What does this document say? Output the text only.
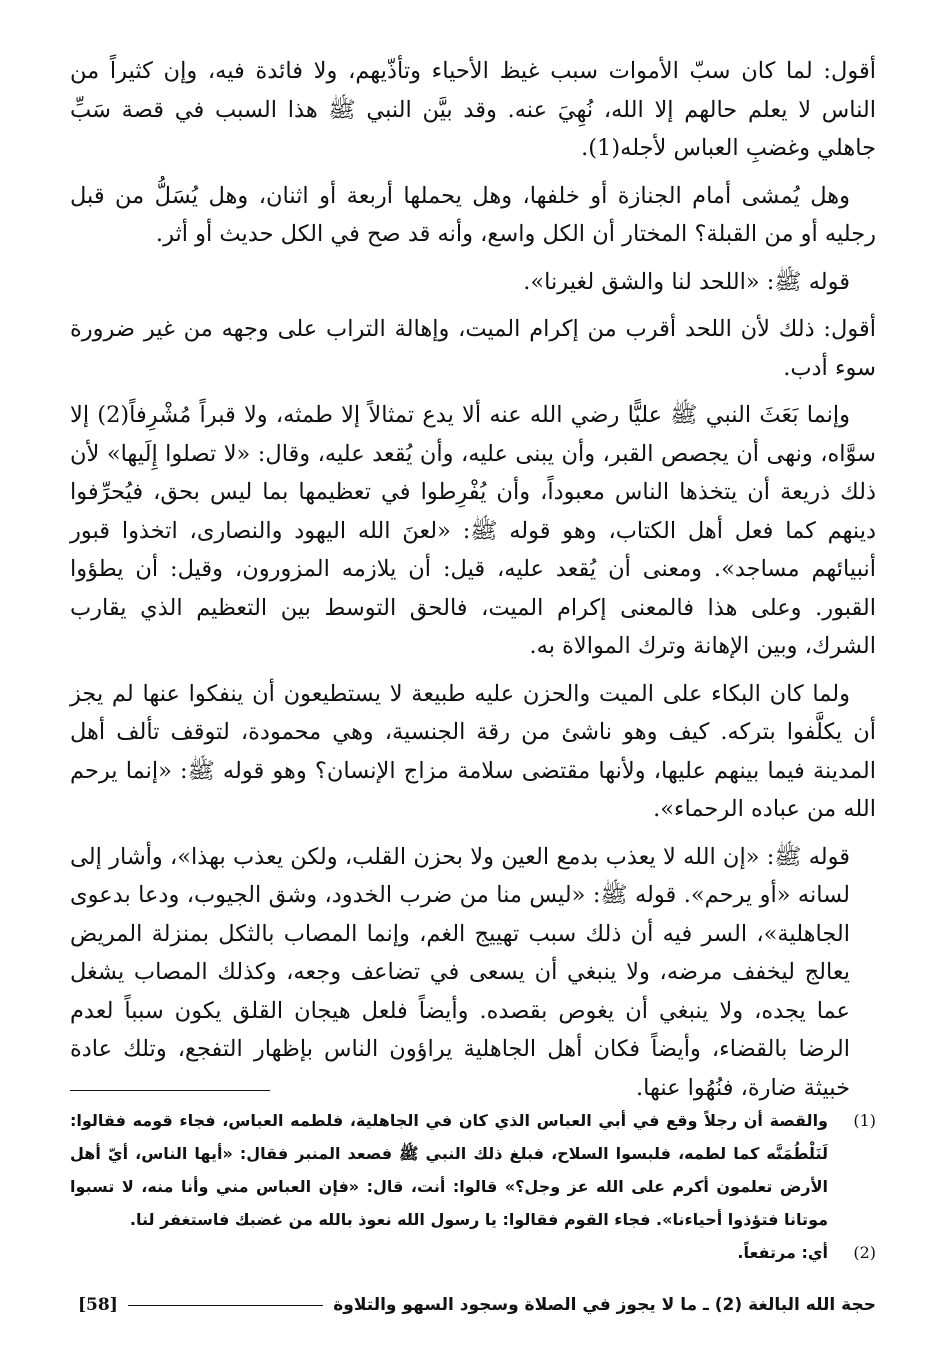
أقول: لما كان سبّ الأموات سبب غيظ الأحياء وتأذّيهم، ولا فائدة فيه، وإن كثيراً من الناس لا يعلم حالهم إلا الله، نُهِيَ عنه. وقد بيَّن النبي ﷺ هذا السبب في قصة سَبِّ جاهلي وغضبِ العباس لأجله(1).

وهل يُمشى أمام الجنازة أو خلفها، وهل يحملها أربعة أو اثنان، وهل يُسَلُّ من قبل رجليه أو من القبلة؟ المختار أن الكل واسع، وأنه قد صح في الكل حديث أو أثر.

قوله ﷺ: «اللحد لنا والشق لغيرنا».

أقول: ذلك لأن اللحد أقرب من إكرام الميت، وإهالة التراب على وجهه من غير ضرورة سوء أدب.

وإنما بَعَثَ النبي ﷺ عليًّا رضي الله عنه ألا يدع تمثالاً إلا طمثه، ولا قبراً مُشْرِفاً(2) إلا سوَّاه، ونهى أن يجصص القبر، وأن يبنى عليه، وأن يُقعد عليه، وقال: «لا تصلوا إِلَيها» لأن ذلك ذريعة أن يتخذها الناس معبوداً، وأن يُفْرِطوا في تعظيمها بما ليس بحق، فيُحرِّفوا دينهم كما فعل أهل الكتاب، وهو قوله ﷺ: «لعنَ الله اليهود والنصارى، اتخذوا قبور أنبيائهم مساجد». ومعنى أن يُقعد عليه، قيل: أن يلازمه المزورون، وقيل: أن يطؤوا القبور. وعلى هذا فالمعنى إكرام الميت، فالحق التوسط بين التعظيم الذي يقارب الشرك، وبين الإهانة وترك الموالاة به.

ولما كان البكاء على الميت والحزن عليه طبيعة لا يستطيعون أن ينفكوا عنها لم يجز أن يكلَّفوا بتركه. كيف وهو ناشئ من رقة الجنسية، وهي محمودة، لتوقف تألف أهل المدينة فيما بينهم عليها، ولأنها مقتضى سلامة مزاج الإنسان؟ وهو قوله ﷺ: «إنما يرحم الله من عباده الرحماء».

قوله ﷺ: «إن الله لا يعذب بدمع العين ولا بحزن القلب، ولكن يعذب بهذا»، وأشار إلى لسانه «أو يرحم». قوله ﷺ: «ليس منا من ضرب الخدود، وشق الجيوب، ودعا بدعوى الجاهلية»، السر فيه أن ذلك سبب تهييج الغم، وإنما المصاب بالثكل بمنزلة المريض يعالج ليخفف مرضه، ولا ينبغي أن يسعى في تضاعف وجعه، وكذلك المصاب يشغل عما يجده، ولا ينبغي أن يغوص بقصده. وأيضاً فلعل هيجان القلق يكون سبباً لعدم الرضا بالقضاء، وأيضاً فكان أهل الجاهلية يراؤون الناس بإظهار التفجع، وتلك عادة خبيثة ضارة، فنُهُوا عنها.

(1)
والقصة أن رجلاً وقع في أبي العباس الذي كان في الجاهلية، فلطمه العباس، فجاء قومه فقالوا: لَنَلْطُمَنَّه كما لطمه، فلبسوا السلاح، فبلغ ذلك النبي ﷺ فصعد المنبر فقال: «أيها الناس، أيّ أهل الأرض تعلمون أكرم على الله عز وجل؟» قالوا: أنت، قال: «فإن العباس مني وأنا منه، لا تسبوا موتانا فتؤذوا أحياءنا». فجاء القوم فقالوا: يا رسول الله نعوذ بالله من غضبك فاستغفر لنا.
(2)
أي: مرتفعاً.
حجة الله البالغة (2) ـ ما لا يجوز في الصلاة وسجود السهو والتلاوة
[58]
